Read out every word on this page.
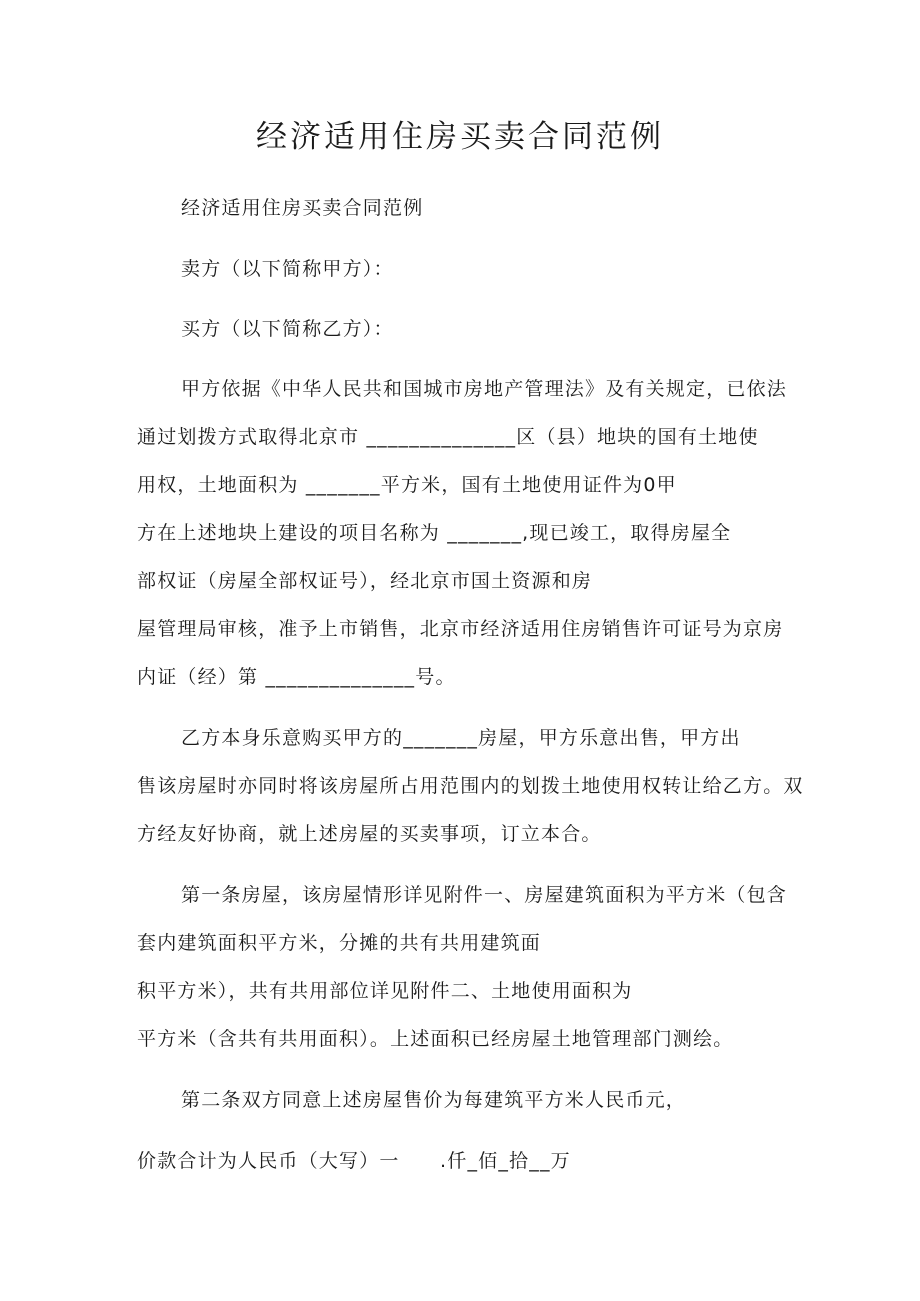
经济适用住房买卖合同范例

经济适用住房买卖合同范例

卖方（以下简称甲方）：

买方（以下简称乙方）：

甲方依据《中华人民共和国城市房地产管理法》及有关规定，已依法

通过划拨方式取得北京市 ______________区（县）地块的国有土地使

用权，土地面积为 _______平方米，国有土地使用证件为0甲

方在上述地块上建设的项目名称为 _______,现已竣工，取得房屋全

部权证（房屋全部权证号），经北京市国土资源和房

屋管理局审核，准予上市销售，北京市经济适用住房销售许可证号为京房

内证（经）第 ______________号。

乙方本身乐意购买甲方的_______房屋，甲方乐意出售，甲方出

售该房屋时亦同时将该房屋所占用范围内的划拨土地使用权转让给乙方。双

方经友好协商，就上述房屋的买卖事项，订立本合。

第一条房屋，该房屋情形详见附件一、房屋建筑面积为平方米（包含

套内建筑面积平方米，分摊的共有共用建筑面

积平方米），共有共用部位详见附件二、土地使用面积为

平方米（含共有共用面积）。上述面积已经房屋土地管理部门测绘。

第二条双方同意上述房屋售价为每建筑平方米人民币元，

价款合计为人民币（大写）一　　.仟_佰_拾__万
